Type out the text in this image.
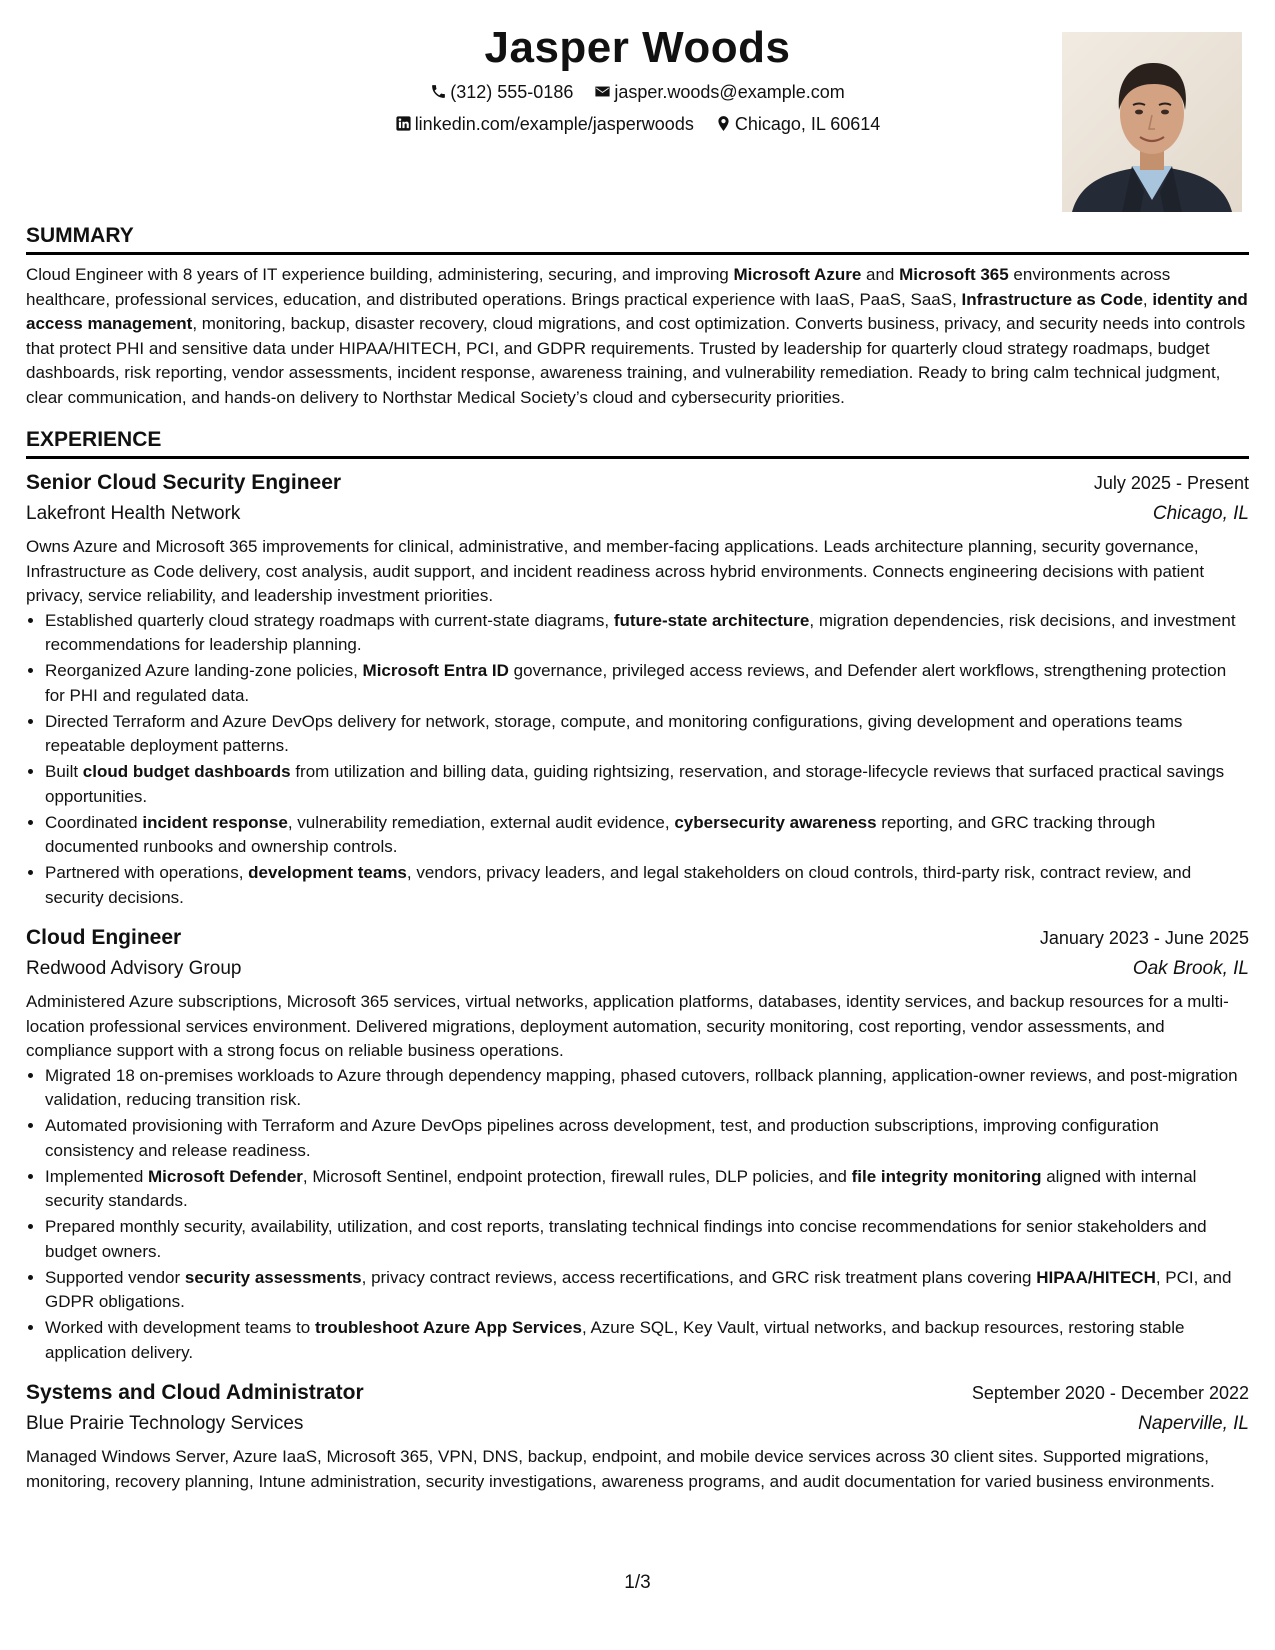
Jasper Woods
(312) 555-0186 jasper.woods@example.com
linkedin.com/example/jasperwoods Chicago, IL 60614
SUMMARY

Cloud Engineer with 8 years of IT experience building, administering, securing, and improving Microsoft Azure and Microsoft 365 environments across healthcare, professional services, education, and distributed operations. Brings practical experience with IaaS, PaaS, SaaS, Infrastructure as Code, identity and access management, monitoring, backup, disaster recovery, cloud migrations, and cost optimization. Converts business, privacy, and security needs into controls that protect PHI and sensitive data under HIPAA/HITECH, PCI, and GDPR requirements. Trusted by leadership for quarterly cloud strategy roadmaps, budget dashboards, risk reporting, vendor assessments, incident response, awareness training, and vulnerability remediation. Ready to bring calm technical judgment, clear communication, and hands-on delivery to Northstar Medical Society’s cloud and cybersecurity priorities.

EXPERIENCE
Senior Cloud Security Engineer	July 2025 - Present
Lakefront Health Network	Chicago, IL
Owns Azure and Microsoft 365 improvements for clinical, administrative, and member-facing applications. Leads architecture planning, security governance, Infrastructure as Code delivery, cost analysis, audit support, and incident readiness across hybrid environments. Connects engineering decisions with patient privacy, service reliability, and leadership investment priorities.
• Established quarterly cloud strategy roadmaps with current-state diagrams, future-state architecture, migration dependencies, risk decisions, and investment recommendations for leadership planning.
• Reorganized Azure landing-zone policies, Microsoft Entra ID governance, privileged access reviews, and Defender alert workflows, strengthening protection for PHI and regulated data.
• Directed Terraform and Azure DevOps delivery for network, storage, compute, and monitoring configurations, giving development and operations teams repeatable deployment patterns.
• Built cloud budget dashboards from utilization and billing data, guiding rightsizing, reservation, and storage-lifecycle reviews that surfaced practical savings opportunities.
• Coordinated incident response, vulnerability remediation, external audit evidence, cybersecurity awareness reporting, and GRC tracking through documented runbooks and ownership controls.
• Partnered with operations, development teams, vendors, privacy leaders, and legal stakeholders on cloud controls, third-party risk, contract review, and security decisions.
Cloud Engineer	January 2023 - June 2025
Redwood Advisory Group	Oak Brook, IL
Administered Azure subscriptions, Microsoft 365 services, virtual networks, application platforms, databases, identity services, and backup resources for a multi-location professional services environment. Delivered migrations, deployment automation, security monitoring, cost reporting, vendor assessments, and compliance support with a strong focus on reliable business operations.
• Migrated 18 on-premises workloads to Azure through dependency mapping, phased cutovers, rollback planning, application-owner reviews, and post-migration validation, reducing transition risk.
• Automated provisioning with Terraform and Azure DevOps pipelines across development, test, and production subscriptions, improving configuration consistency and release readiness.
• Implemented Microsoft Defender, Microsoft Sentinel, endpoint protection, firewall rules, DLP policies, and file integrity monitoring aligned with internal security standards.
• Prepared monthly security, availability, utilization, and cost reports, translating technical findings into concise recommendations for senior stakeholders and budget owners.
• Supported vendor security assessments, privacy contract reviews, access recertifications, and GRC risk treatment plans covering HIPAA/HITECH, PCI, and GDPR obligations.
• Worked with development teams to troubleshoot Azure App Services, Azure SQL, Key Vault, virtual networks, and backup resources, restoring stable application delivery.
Systems and Cloud Administrator	September 2020 - December 2022
Blue Prairie Technology Services	Naperville, IL
Managed Windows Server, Azure IaaS, Microsoft 365, VPN, DNS, backup, endpoint, and mobile device services across 30 client sites. Supported migrations, monitoring, recovery planning, Intune administration, security investigations, awareness programs, and audit documentation for varied business environments.
1/3
